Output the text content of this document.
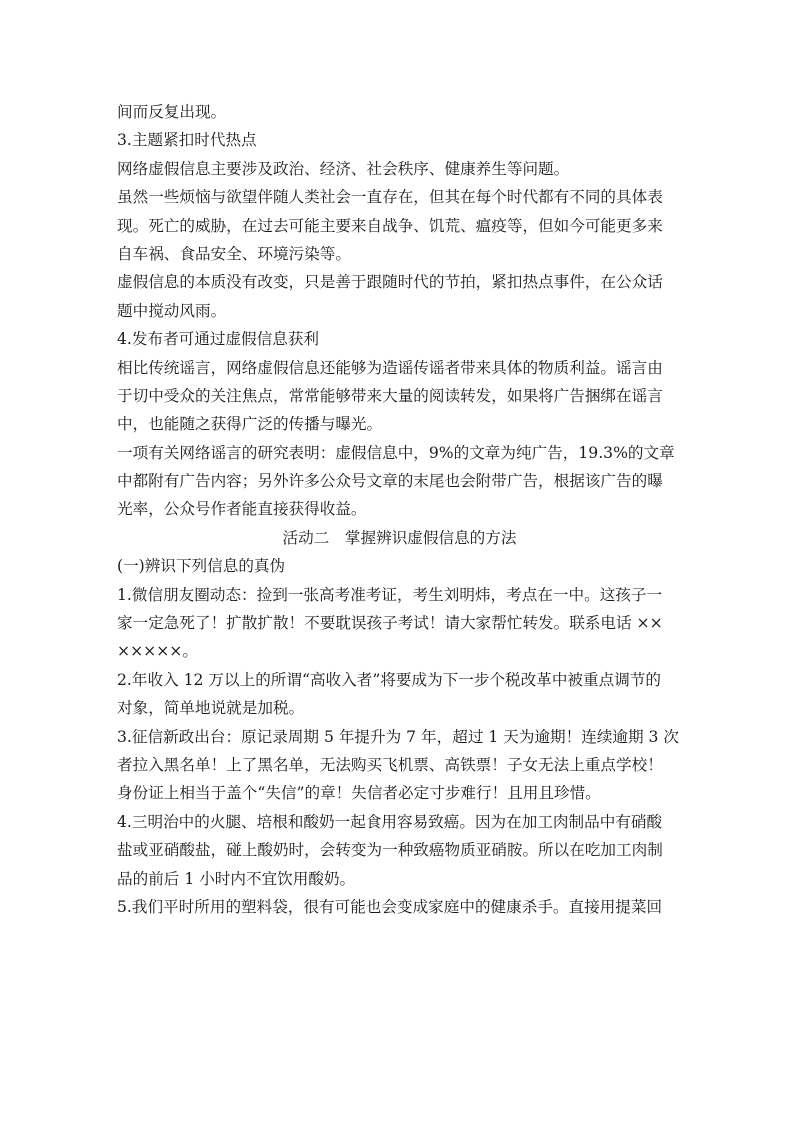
间而反复出现。
3.主题紧扣时代热点
网络虚假信息主要涉及政治、经济、社会秩序、健康养生等问题。
虽然一些烦恼与欲望伴随人类社会一直存在，但其在每个时代都有不同的具体表
现。死亡的威胁，在过去可能主要来自战争、饥荒、瘟疫等，但如今可能更多来
自车祸、食品安全、环境污染等。
虚假信息的本质没有改变，只是善于跟随时代的节拍，紧扣热点事件，在公众话
题中搅动风雨。
4.发布者可通过虚假信息获利
相比传统谣言，网络虚假信息还能够为造谣传谣者带来具体的物质利益。谣言由
于切中受众的关注焦点，常常能够带来大量的阅读转发，如果将广告捆绑在谣言
中，也能随之获得广泛的传播与曝光。
一项有关网络谣言的研究表明：虚假信息中，9%的文章为纯广告，19.3%的文章
中都附有广告内容；另外许多公众号文章的末尾也会附带广告，根据该广告的曝
光率，公众号作者能直接获得收益。
活动二　掌握辨识虚假信息的方法
(一)辨识下列信息的真伪
1.微信朋友圈动态：捡到一张高考准考证，考生刘明炜，考点在一中。这孩子一
家一定急死了！扩散扩散！不要耽误孩子考试！请大家帮忙转发。联系电话 ××
×××××。
2.年收入 12 万以上的所谓“高收入者”将要成为下一步个税改革中被重点调节的
对象，简单地说就是加税。
3.征信新政出台：原记录周期 5 年提升为 7 年，超过 1 天为逾期！连续逾期 3 次
者拉入黑名单！上了黑名单，无法购买飞机票、高铁票！子女无法上重点学校！
身份证上相当于盖个“失信”的章！失信者必定寸步难行！且用且珍惜。
4.三明治中的火腿、培根和酸奶一起食用容易致癌。因为在加工肉制品中有硝酸
盐或亚硝酸盐，碰上酸奶时，会转变为一种致癌物质亚硝胺。所以在吃加工肉制
品的前后 1 小时内不宜饮用酸奶。
5.我们平时所用的塑料袋，很有可能也会变成家庭中的健康杀手。直接用提菜回
